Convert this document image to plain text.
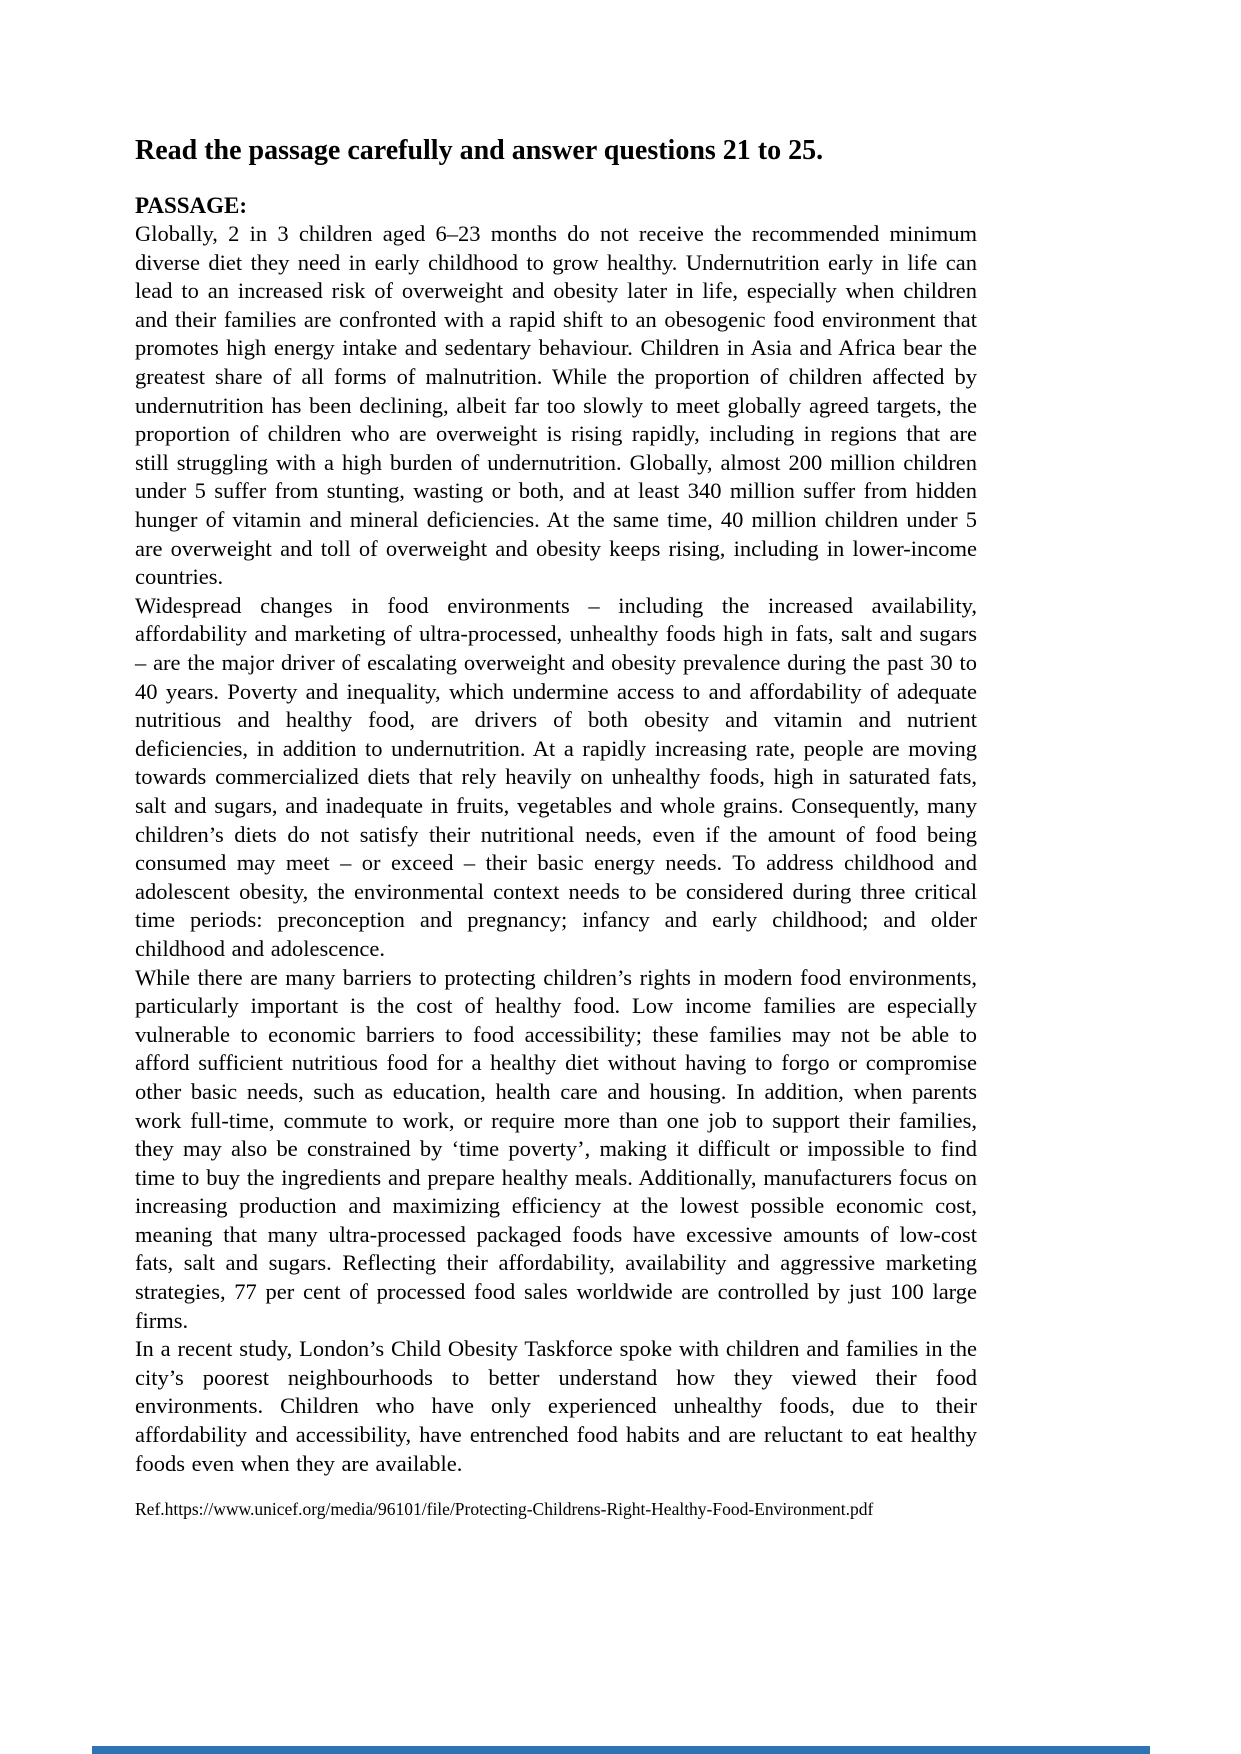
Read the passage carefully and answer questions 21 to 25.

PASSAGE:

Globally, 2 in 3 children aged 6–23 months do not receive the recommended minimum diverse diet they need in early childhood to grow healthy. Undernutrition early in life can lead to an increased risk of overweight and obesity later in life, especially when children and their families are confronted with a rapid shift to an obesogenic food environment that promotes high energy intake and sedentary behaviour. Children in Asia and Africa bear the greatest share of all forms of malnutrition. While the proportion of children affected by undernutrition has been declining, albeit far too slowly to meet globally agreed targets, the proportion of children who are overweight is rising rapidly, including in regions that are still struggling with a high burden of undernutrition. Globally, almost 200 million children under 5 suffer from stunting, wasting or both, and at least 340 million suffer from hidden hunger of vitamin and mineral deficiencies. At the same time, 40 million children under 5 are overweight and toll of overweight and obesity keeps rising, including in lower-income countries.

Widespread changes in food environments – including the increased availability, affordability and marketing of ultra-processed, unhealthy foods high in fats, salt and sugars – are the major driver of escalating overweight and obesity prevalence during the past 30 to 40 years. Poverty and inequality, which undermine access to and affordability of adequate nutritious and healthy food, are drivers of both obesity and vitamin and nutrient deficiencies, in addition to undernutrition. At a rapidly increasing rate, people are moving towards commercialized diets that rely heavily on unhealthy foods, high in saturated fats, salt and sugars, and inadequate in fruits, vegetables and whole grains. Consequently, many children’s diets do not satisfy their nutritional needs, even if the amount of food being consumed may meet – or exceed – their basic energy needs. To address childhood and adolescent obesity, the environmental context needs to be considered during three critical time periods: preconception and pregnancy; infancy and early childhood; and older childhood and adolescence.

While there are many barriers to protecting children’s rights in modern food environments, particularly important is the cost of healthy food. Low income families are especially vulnerable to economic barriers to food accessibility; these families may not be able to afford sufficient nutritious food for a healthy diet without having to forgo or compromise other basic needs, such as education, health care and housing. In addition, when parents work full-time, commute to work, or require more than one job to support their families, they may also be constrained by ‘time poverty’, making it difficult or impossible to find time to buy the ingredients and prepare healthy meals. Additionally, manufacturers focus on increasing production and maximizing efficiency at the lowest possible economic cost, meaning that many ultra-processed packaged foods have excessive amounts of low-cost fats, salt and sugars. Reflecting their affordability, availability and aggressive marketing strategies, 77 per cent of processed food sales worldwide are controlled by just 100 large firms.

In a recent study, London’s Child Obesity Taskforce spoke with children and families in the city’s poorest neighbourhoods to better understand how they viewed their food environments. Children who have only experienced unhealthy foods, due to their affordability and accessibility, have entrenched food habits and are reluctant to eat healthy foods even when they are available.

Ref.https://www.unicef.org/media/96101/file/Protecting-Childrens-Right-Healthy-Food-Environment.pdf
